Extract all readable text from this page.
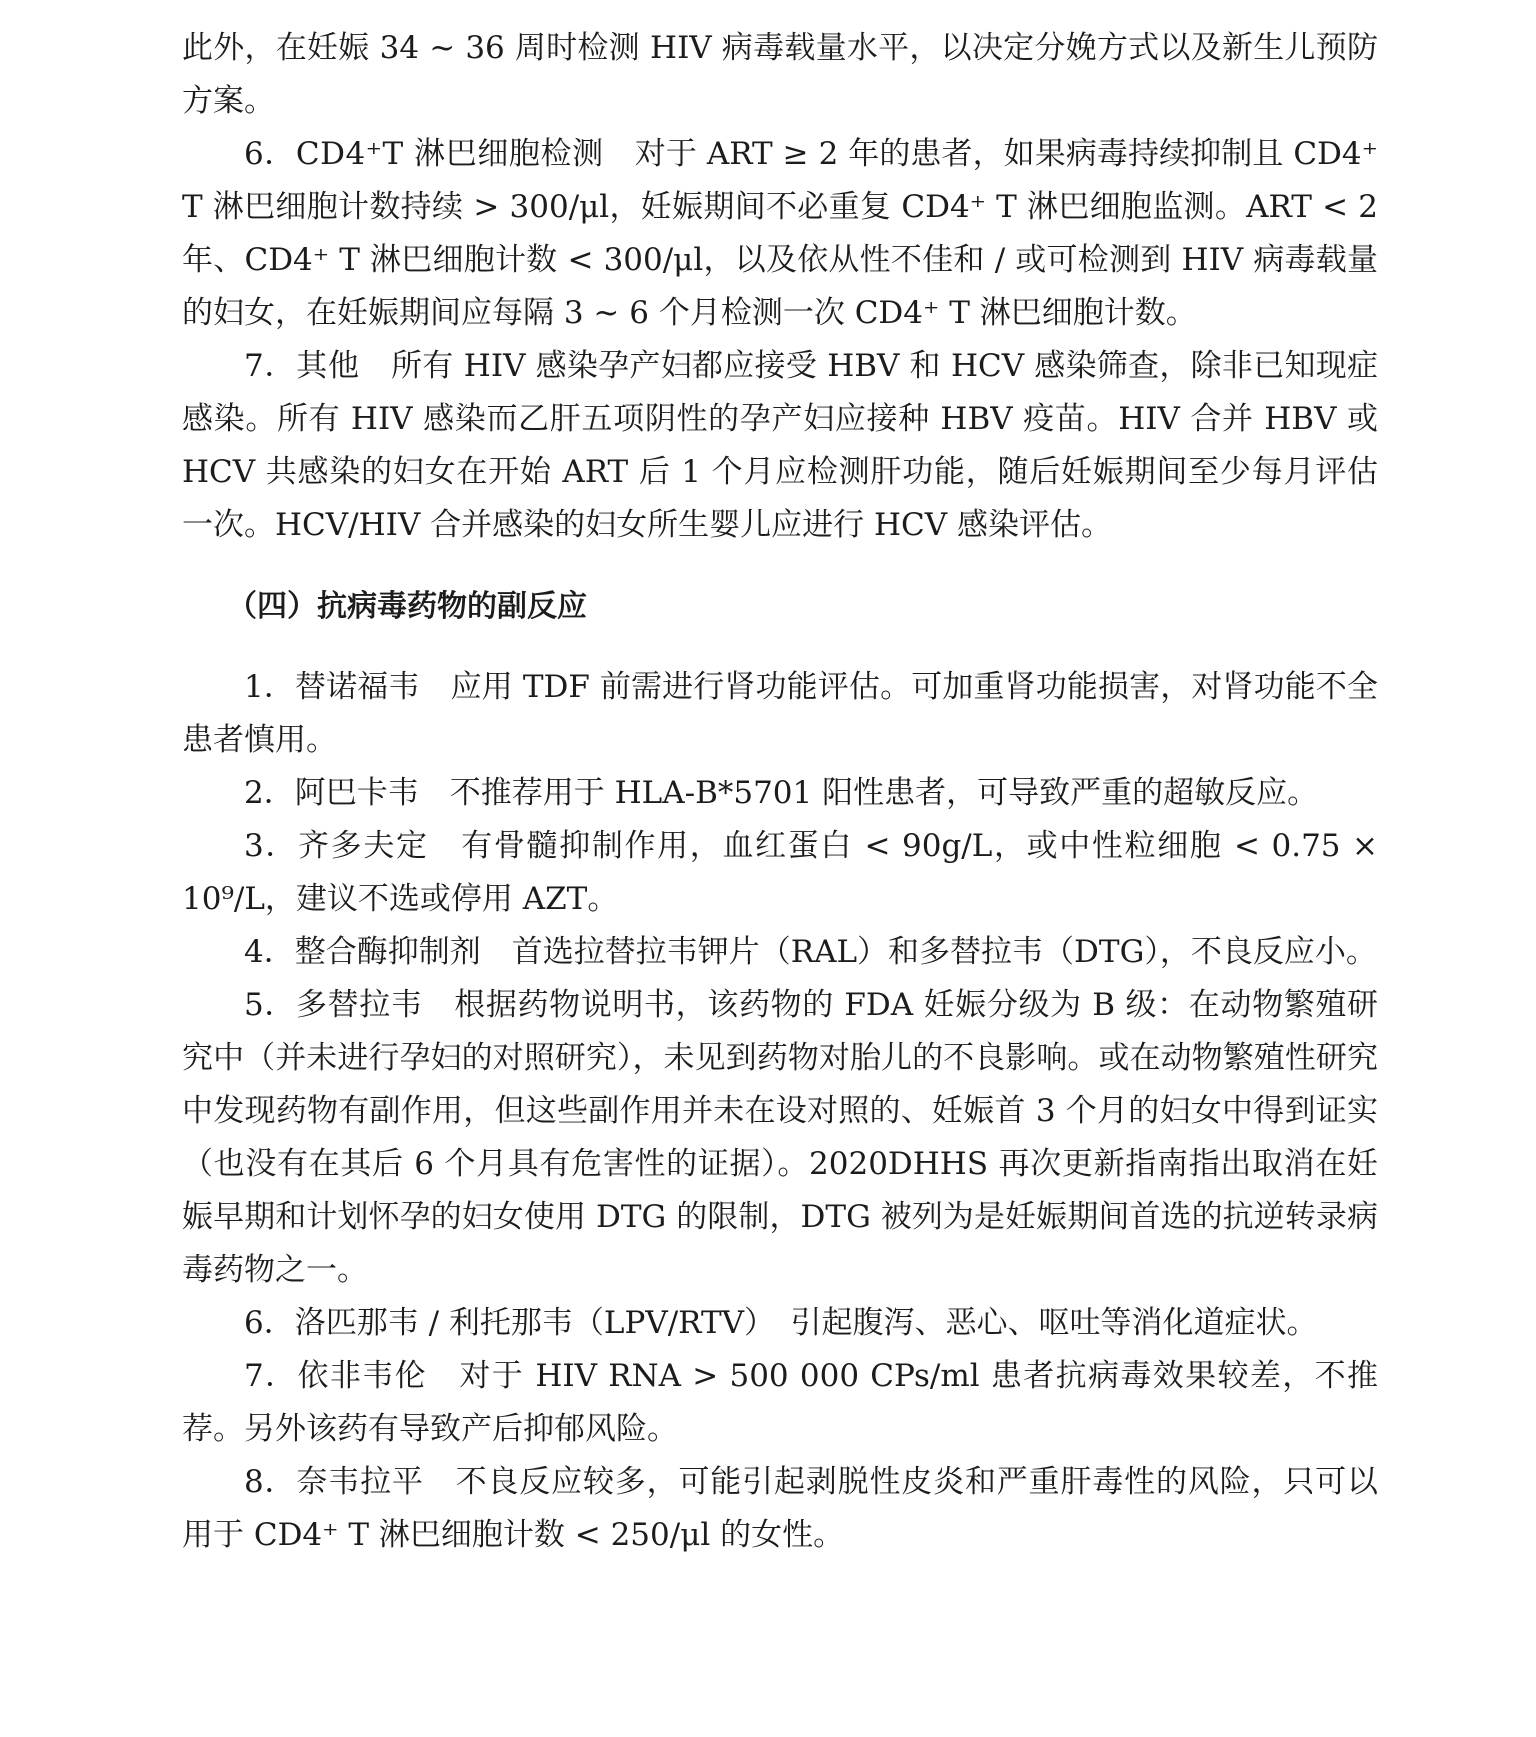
此外，在妊娠 34 ~ 36 周时检测 HIV 病毒载量水平，以决定分娩方式以及新生儿预防方案。

6．CD4⁺T 淋巴细胞检测　 对于 ART ≥ 2 年的患者，如果病毒持续抑制且 CD4⁺ T 淋巴细胞计数持续 > 300/μl，妊娠期间不必重复 CD4⁺ T 淋巴细胞监测。ART < 2 年、CD4⁺ T 淋巴细胞计数 < 300/μl，以及依从性不佳和 / 或可检测到 HIV 病毒载量的妇女，在妊娠期间应每隔 3 ~ 6 个月检测一次 CD4⁺ T 淋巴细胞计数。

7．其他　 所有 HIV 感染孕产妇都应接受 HBV 和 HCV 感染筛查，除非已知现症感染。所有 HIV 感染而乙肝五项阴性的孕产妇应接种 HBV 疫苗。HIV 合并 HBV 或 HCV 共感染的妇女在开始 ART 后 1 个月应检测肝功能，随后妊娠期间至少每月评估一次。HCV/HIV 合并感染的妇女所生婴儿应进行 HCV 感染评估。

（四）抗病毒药物的副反应

1．替诺福韦　 应用 TDF 前需进行肾功能评估。可加重肾功能损害，对肾功能不全患者慎用。

2．阿巴卡韦　 不推荐用于 HLA-B*5701 阳性患者，可导致严重的超敏反应。

3．齐多夫定　 有骨髓抑制作用，血红蛋白 < 90g/L，或中性粒细胞 < 0.75 × 10⁹/L，建议不选或停用 AZT。

4．整合酶抑制剂　 首选拉替拉韦钾片（RAL）和多替拉韦（DTG），不良反应小。

5．多替拉韦　 根据药物说明书，该药物的 FDA 妊娠分级为 B 级：在动物繁殖研究中（并未进行孕妇的对照研究），未见到药物对胎儿的不良影响。或在动物繁殖性研究中发现药物有副作用，但这些副作用并未在设对照的、妊娠首 3 个月的妇女中得到证实（也没有在其后 6 个月具有危害性的证据）。2020DHHS 再次更新指南指出取消在妊娠早期和计划怀孕的妇女使用 DTG 的限制，DTG 被列为是妊娠期间首选的抗逆转录病毒药物之一。

6．洛匹那韦 / 利托那韦（LPV/RTV）　 引起腹泻、恶心、呕吐等消化道症状。

7．依非韦伦　 对于 HIV RNA > 500 000 CPs/ml 患者抗病毒效果较差，不推荐。另外该药有导致产后抑郁风险。

8．奈韦拉平　 不良反应较多，可能引起剥脱性皮炎和严重肝毒性的风险，只可以用于 CD4⁺ T 淋巴细胞计数 < 250/μl 的女性。
